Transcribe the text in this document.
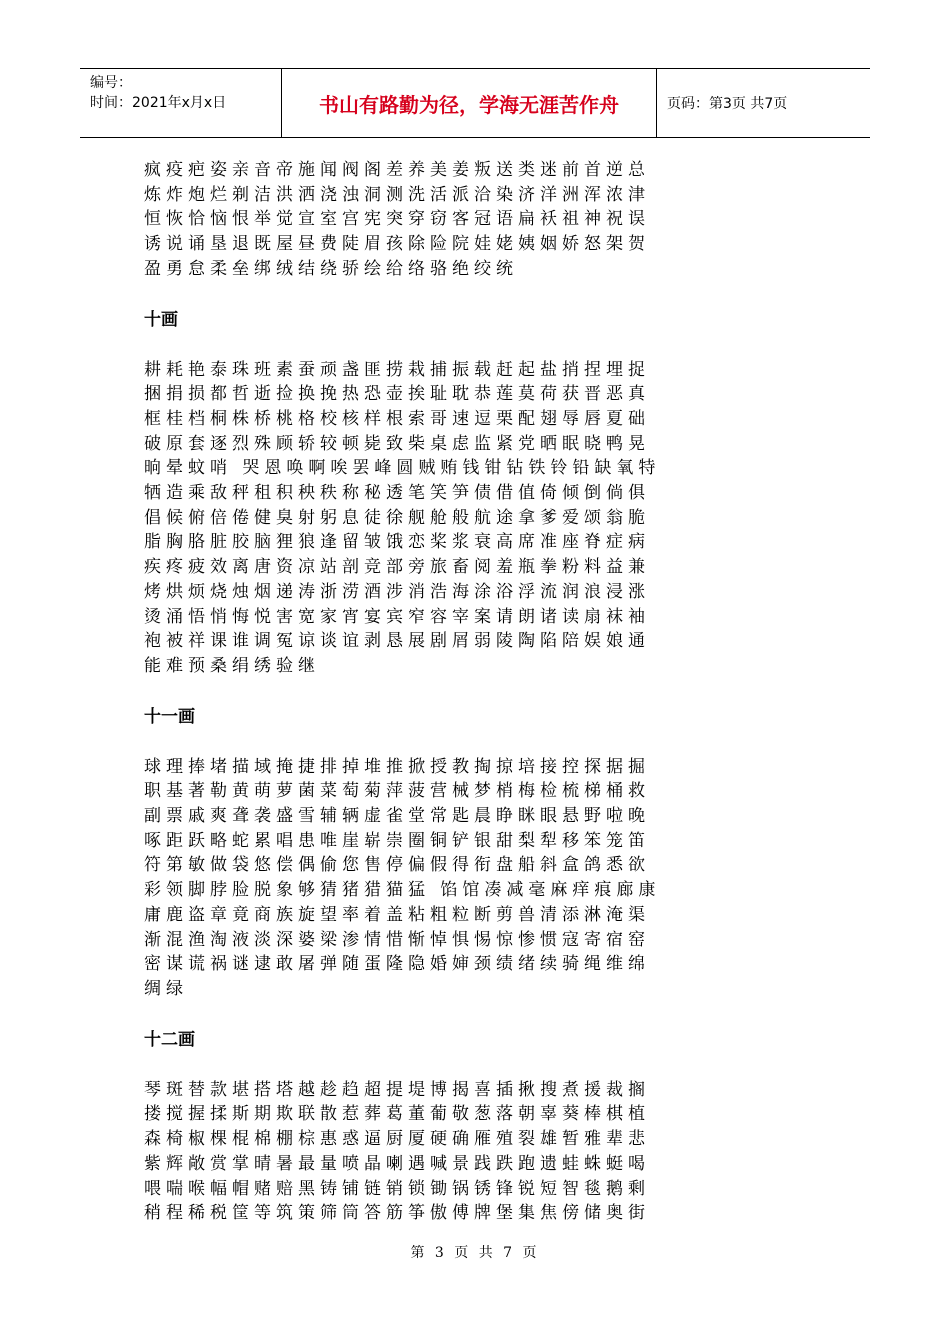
编号：
时间：2021年x月x日	书山有路勤为径，学海无涯苦作舟	页码：第3页 共7页
疯疫疤姿亲音帝施闻阀阁差养美姜叛送类迷前首逆总
炼炸炮烂剃洁洪洒浇浊洞测洗活派洽染济洋洲浑浓津
恒恢恰恼恨举觉宣室宫宪突穿窃客冠语扁袄祖神祝误
诱说诵垦退既屋昼费陡眉孩除险院娃姥姨姻娇怒架贺
盈勇怠柔垒绑绒结绕骄绘给络骆绝绞统
十画
耕耗艳泰珠班素蚕顽盏匪捞栽捕振载赶起盐捎捏埋捉
捆捐损都哲逝捡换挽热恐壶挨耻耽恭莲莫荷获晋恶真
框桂档桐株桥桃格校核样根索哥速逗栗配翅辱唇夏础
破原套逐烈殊顾轿较顿毙致柴桌虑监紧党晒眠晓鸭晃
晌晕蚊哨 哭恩唤啊唉罢峰圆贼贿钱钳钻铁铃铅缺氧特
牺造乘敌秤租积秧秩称秘透笔笑笋债借值倚倾倒倘俱
倡候俯倍倦健臭射躬息徒徐舰舱般航途拿爹爱颂翁脆
脂胸胳脏胶脑狸狼逢留皱饿恋桨浆衰高席准座脊症病
疾疼疲效离唐资凉站剖竞部旁旅畜阅羞瓶拳粉料益兼
烤烘烦烧烛烟递涛浙涝酒涉消浩海涂浴浮流润浪浸涨
烫涌悟悄悔悦害宽家宵宴宾窄容宰案请朗诸读扇袜袖
袍被祥课谁调冤谅谈谊剥恳展剧屑弱陵陶陷陪娱娘通
能难预桑绢绣验继
十一画
球理捧堵描域掩捷排掉堆推掀授教掏掠培接控探据掘
职基著勒黄萌萝菌菜萄菊萍菠营械梦梢梅检梳梯桶救
副票戚爽聋袭盛雪辅辆虚雀堂常匙晨睁眯眼悬野啦晚
啄距跃略蛇累唱患唯崖崭崇圈铜铲银甜梨犁移笨笼笛
符第敏做袋悠偿偶偷您售停偏假得衔盘船斜盒鸽悉欲
彩领脚脖脸脱象够猜猪猎猫猛 馅馆凑减毫麻痒痕廊康
庸鹿盗章竟商族旋望率着盖粘粗粒断剪兽清添淋淹渠
渐混渔淘液淡深婆梁渗情惜惭悼惧惕惊惨惯寇寄宿窑
密谋谎祸谜逮敢屠弹随蛋隆隐婚婶颈绩绪续骑绳维绵
绸绿
十二画
琴斑替款堪搭塔越趁趋超提堤博揭喜插揪搜煮援裁搁
搂搅握揉斯期欺联散惹葬葛董葡敬葱落朝辜葵棒棋植
森椅椒棵棍棉棚棕惠惑逼厨厦硬确雁殖裂雄暂雅辈悲
紫辉敞赏掌晴暑最量喷晶喇遇喊景践跌跑遗蛙蛛蜓喝
喂喘喉幅帽赌赔黑铸铺链销锁锄锅锈锋锐短智毯鹅剩
稍程稀税筐等筑策筛筒答筋筝傲傅牌堡集焦傍储奥街
第 3 页 共 7 页
